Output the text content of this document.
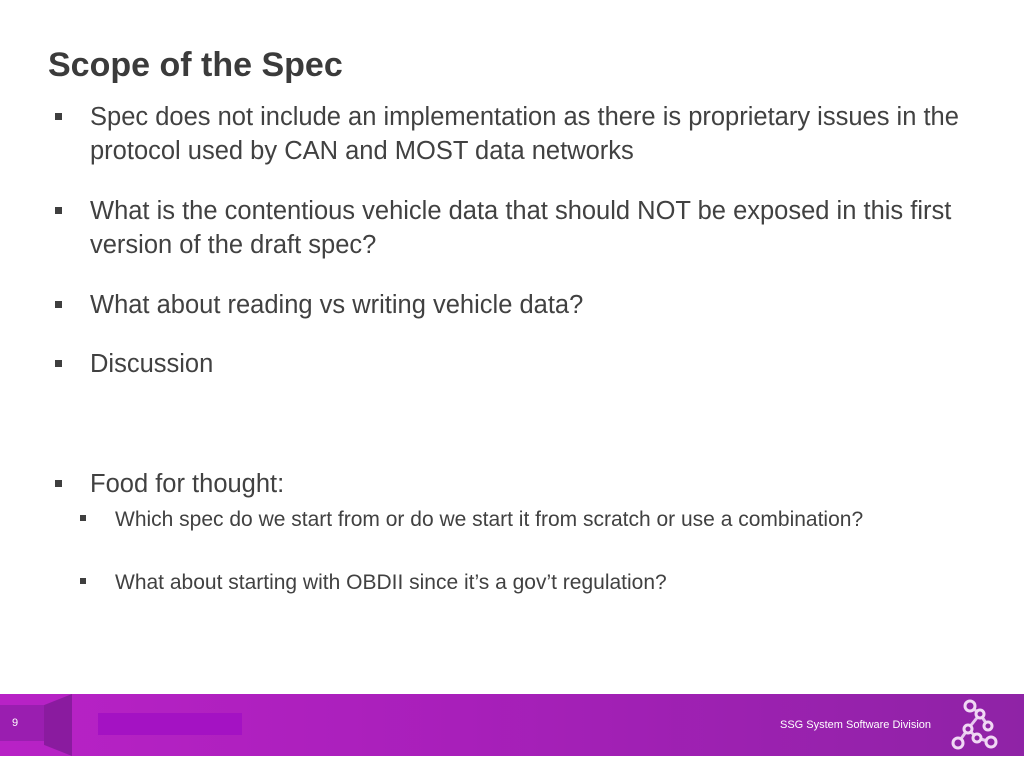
Scope of the Spec
Spec does not include an implementation as there is proprietary issues in the protocol used by CAN and MOST data networks
What is the contentious vehicle data that should NOT be exposed in this first version of the draft spec?
What about reading vs writing vehicle data?
Discussion
Food for thought:
Which spec do we start from or do we start it from scratch or use a combination?
What about starting with OBDII since it’s a gov’t regulation?
9	SSG System Software Division
